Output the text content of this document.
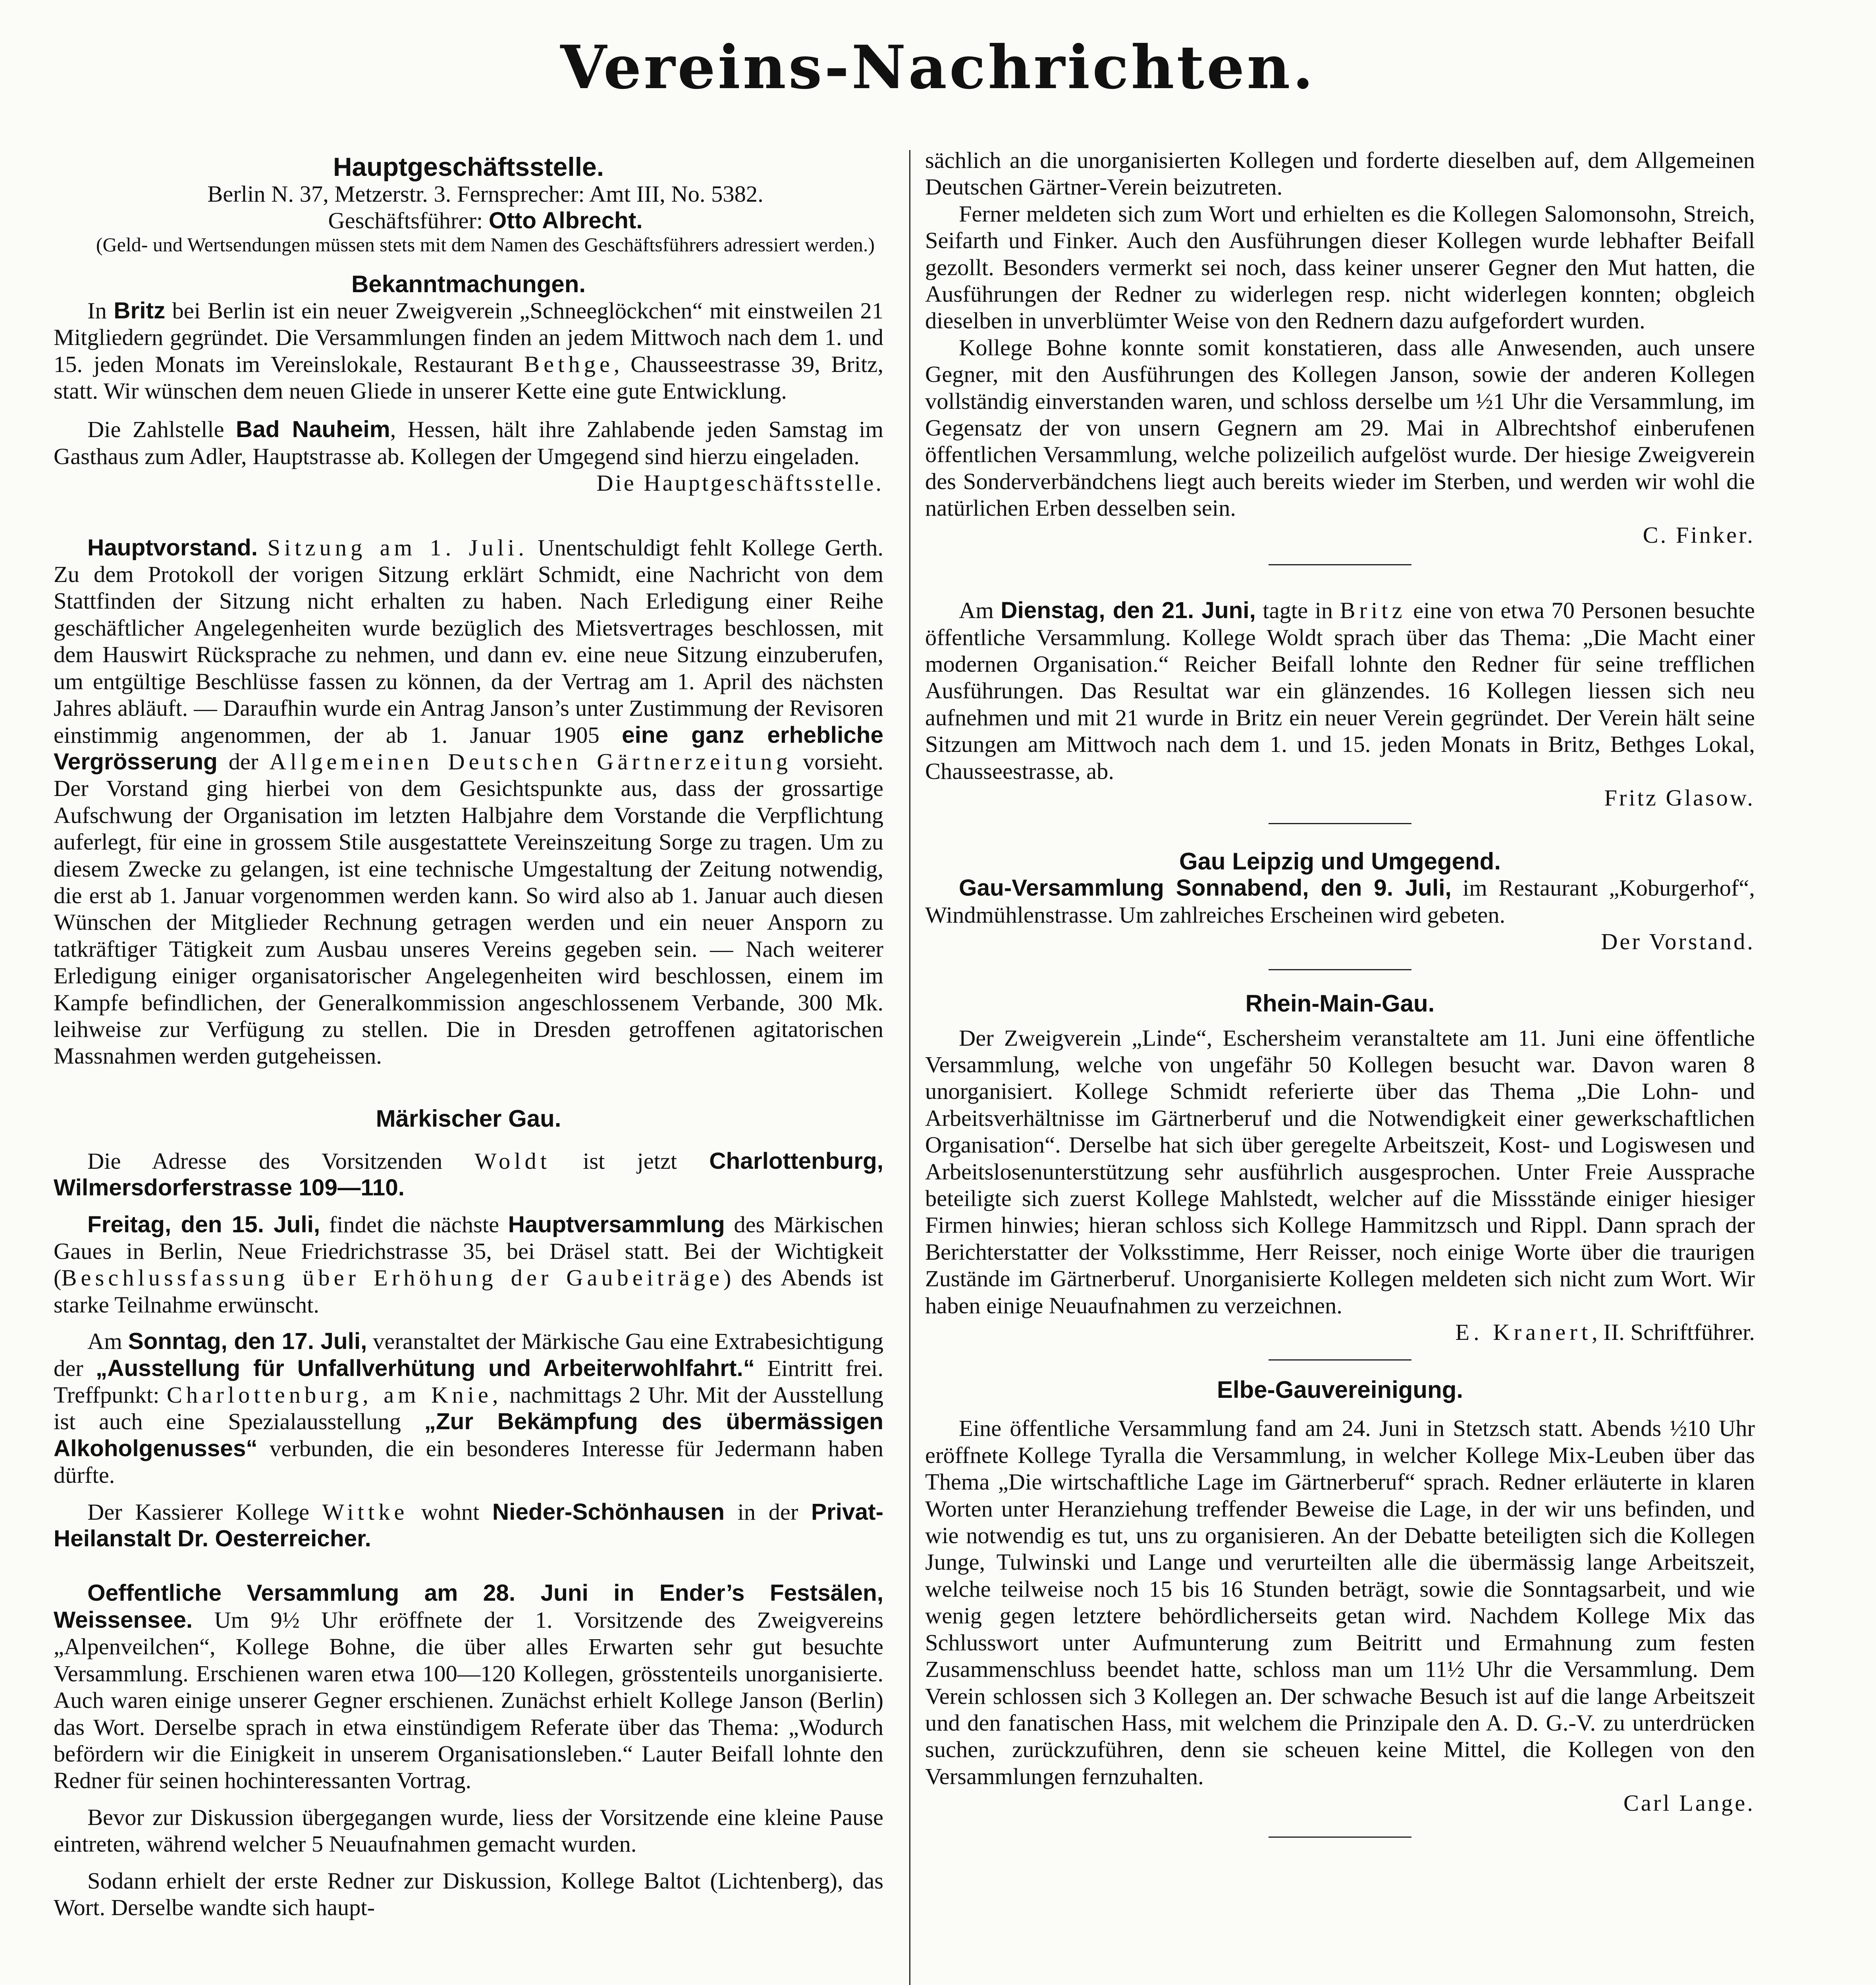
Vereins-Nachrichten.
Hauptgeschäftsstelle.

Berlin N. 37, Metzerstr. 3. Fernsprecher: Amt III, No. 5382.

Geschäftsführer: Otto Albrecht.

(Geld- und Wertsendungen müssen stets mit dem Namen des Geschäftsführers adressiert werden.)

Bekanntmachungen.

In Britz bei Berlin ist ein neuer Zweigverein „Schneeglöckchen“ mit einstweilen 21 Mitgliedern gegründet. Die Versammlungen finden an jedem Mittwoch nach dem 1. und 15. jeden Monats im Vereinslokale, Restaurant Bethge, Chausseestrasse 39, Britz, statt. Wir wünschen dem neuen Gliede in unserer Kette eine gute Entwicklung.

Die Zahlstelle Bad Nauheim, Hessen, hält ihre Zahlabende jeden Samstag im Gasthaus zum Adler, Hauptstrasse ab. Kollegen der Umgegend sind hierzu eingeladen.

Die Hauptgeschäftsstelle.

Hauptvorstand. Sitzung am 1. Juli. Unentschuldigt fehlt Kollege Gerth. Zu dem Protokoll der vorigen Sitzung erklärt Schmidt, eine Nachricht von dem Stattfinden der Sitzung nicht erhalten zu haben. Nach Erledigung einer Reihe geschäftlicher Angelegenheiten wurde bezüglich des Mietsvertrages beschlossen, mit dem Hauswirt Rücksprache zu nehmen, und dann ev. eine neue Sitzung einzuberufen, um entgültige Beschlüsse fassen zu können, da der Vertrag am 1. April des nächsten Jahres abläuft. — Daraufhin wurde ein Antrag Janson’s unter Zustimmung der Revisoren einstimmig angenommen, der ab 1. Januar 1905 eine ganz erhebliche Vergrösserung der Allgemeinen Deutschen Gärtnerzeitung vorsieht. Der Vorstand ging hierbei von dem Gesichtspunkte aus, dass der grossartige Aufschwung der Organisation im letzten Halbjahre dem Vorstande die Verpflichtung auferlegt, für eine in grossem Stile ausgestattete Vereinszeitung Sorge zu tragen. Um zu diesem Zwecke zu gelangen, ist eine technische Umgestaltung der Zeitung notwendig, die erst ab 1. Januar vorgenommen werden kann. So wird also ab 1. Januar auch diesen Wünschen der Mitglieder Rechnung getragen werden und ein neuer Ansporn zu tatkräftiger Tätigkeit zum Ausbau unseres Vereins gegeben sein. — Nach weiterer Erledigung einiger organisatorischer Angelegenheiten wird beschlossen, einem im Kampfe befindlichen, der Generalkommission angeschlossenem Verbande, 300 Mk. leihweise zur Verfügung zu stellen. Die in Dresden getroffenen agitatorischen Massnahmen werden gutgeheissen.

Märkischer Gau.

Die Adresse des Vorsitzenden Woldt ist jetzt Charlottenburg, Wilmersdorferstrasse 109—110.

Freitag, den 15. Juli, findet die nächste Hauptversammlung des Märkischen Gaues in Berlin, Neue Friedrichstrasse 35, bei Dräsel statt. Bei der Wichtigkeit (Beschlussfassung über Erhöhung der Gaubeiträge) des Abends ist starke Teilnahme erwünscht.

Am Sonntag, den 17. Juli, veranstaltet der Märkische Gau eine Extrabesichtigung der „Ausstellung für Unfallverhütung und Arbeiterwohlfahrt.“ Eintritt frei. Treffpunkt: Charlottenburg, am Knie, nachmittags 2 Uhr. Mit der Ausstellung ist auch eine Spezialausstellung „Zur Bekämpfung des übermässigen Alkoholgenusses“ verbunden, die ein besonderes Interesse für Jedermann haben dürfte.

Der Kassierer Kollege Wittke wohnt Nieder-Schönhausen in der Privat-Heilanstalt Dr. Oesterreicher.

Oeffentliche Versammlung am 28. Juni in Ender’s Festsälen, Weissensee. Um 9½ Uhr eröffnete der 1. Vorsitzende des Zweigvereins „Alpenveilchen“, Kollege Bohne, die über alles Erwarten sehr gut besuchte Versammlung. Erschienen waren etwa 100—120 Kollegen, grösstenteils unorganisierte. Auch waren einige unserer Gegner erschienen. Zunächst erhielt Kollege Janson (Berlin) das Wort. Derselbe sprach in etwa einstündigem Referate über das Thema: „Wodurch befördern wir die Einigkeit in unserem Organisationsleben.“ Lauter Beifall lohnte den Redner für seinen hochinteressanten Vortrag.

Bevor zur Diskussion übergegangen wurde, liess der Vorsitzende eine kleine Pause eintreten, während welcher 5 Neuaufnahmen gemacht wurden.

Sodann erhielt der erste Redner zur Diskussion, Kollege Baltot (Lichtenberg), das Wort. Derselbe wandte sich haupt-

sächlich an die unorganisierten Kollegen und forderte dieselben auf, dem Allgemeinen Deutschen Gärtner-Verein beizutreten.

Ferner meldeten sich zum Wort und erhielten es die Kollegen Salomonsohn, Streich, Seifarth und Finker. Auch den Ausführungen dieser Kollegen wurde lebhafter Beifall gezollt. Besonders vermerkt sei noch, dass keiner unserer Gegner den Mut hatten, die Ausführungen der Redner zu widerlegen resp. nicht widerlegen konnten; obgleich dieselben in unverblümter Weise von den Rednern dazu aufgefordert wurden.

Kollege Bohne konnte somit konstatieren, dass alle Anwesenden, auch unsere Gegner, mit den Ausführungen des Kollegen Janson, sowie der anderen Kollegen vollständig einverstanden waren, und schloss derselbe um ½1 Uhr die Versammlung, im Gegensatz der von unsern Gegnern am 29. Mai in Albrechtshof einberufenen öffentlichen Versammlung, welche polizeilich aufgelöst wurde. Der hiesige Zweigverein des Sonderverbändchens liegt auch bereits wieder im Sterben, und werden wir wohl die natürlichen Erben desselben sein.

C. Finker.

Am Dienstag, den 21. Juni, tagte in Britz eine von etwa 70 Personen besuchte öffentliche Versammlung. Kollege Woldt sprach über das Thema: „Die Macht einer modernen Organisation.“ Reicher Beifall lohnte den Redner für seine trefflichen Ausführungen. Das Resultat war ein glänzendes. 16 Kollegen liessen sich neu aufnehmen und mit 21 wurde in Britz ein neuer Verein gegründet. Der Verein hält seine Sitzungen am Mittwoch nach dem 1. und 15. jeden Monats in Britz, Bethges Lokal, Chausseestrasse, ab.

Fritz Glasow.

Gau Leipzig und Umgegend.

Gau-Versammlung Sonnabend, den 9. Juli, im Restaurant „Koburgerhof“, Windmühlenstrasse. Um zahlreiches Erscheinen wird gebeten.

Der Vorstand.

Rhein-Main-Gau.

Der Zweigverein „Linde“, Eschersheim veranstaltete am 11. Juni eine öffentliche Versammlung, welche von ungefähr 50 Kollegen besucht war. Davon waren 8 unorganisiert. Kollege Schmidt referierte über das Thema „Die Lohn- und Arbeitsverhältnisse im Gärtnerberuf und die Notwendigkeit einer gewerkschaftlichen Organisation“. Derselbe hat sich über geregelte Arbeitszeit, Kost- und Logiswesen und Arbeitslosenunterstützung sehr ausführlich ausgesprochen. Unter Freie Aussprache beteiligte sich zuerst Kollege Mahlstedt, welcher auf die Missstände einiger hiesiger Firmen hinwies; hieran schloss sich Kollege Hammitzsch und Rippl. Dann sprach der Berichterstatter der Volksstimme, Herr Reisser, noch einige Worte über die traurigen Zustände im Gärtnerberuf. Unorganisierte Kollegen meldeten sich nicht zum Wort. Wir haben einige Neuaufnahmen zu verzeichnen.

E. Kranert, II. Schriftführer.

Elbe-Gauvereinigung.

Eine öffentliche Versammlung fand am 24. Juni in Stetzsch statt. Abends ½10 Uhr eröffnete Kollege Tyralla die Versammlung, in welcher Kollege Mix-Leuben über das Thema „Die wirtschaftliche Lage im Gärtnerberuf“ sprach. Redner erläuterte in klaren Worten unter Heranziehung treffender Beweise die Lage, in der wir uns befinden, und wie notwendig es tut, uns zu organisieren. An der Debatte beteiligten sich die Kollegen Junge, Tulwinski und Lange und verurteilten alle die übermässig lange Arbeitszeit, welche teilweise noch 15 bis 16 Stunden beträgt, sowie die Sonntagsarbeit, und wie wenig gegen letztere behördlicherseits getan wird. Nachdem Kollege Mix das Schlusswort unter Aufmunterung zum Beitritt und Ermahnung zum festen Zusammenschluss beendet hatte, schloss man um 11½ Uhr die Versammlung. Dem Verein schlossen sich 3 Kollegen an. Der schwache Besuch ist auf die lange Arbeitszeit und den fanatischen Hass, mit welchem die Prinzipale den A. D. G.-V. zu unterdrücken suchen, zurückzuführen, denn sie scheuen keine Mittel, die Kollegen von den Versammlungen fernzuhalten.

Carl Lange.
